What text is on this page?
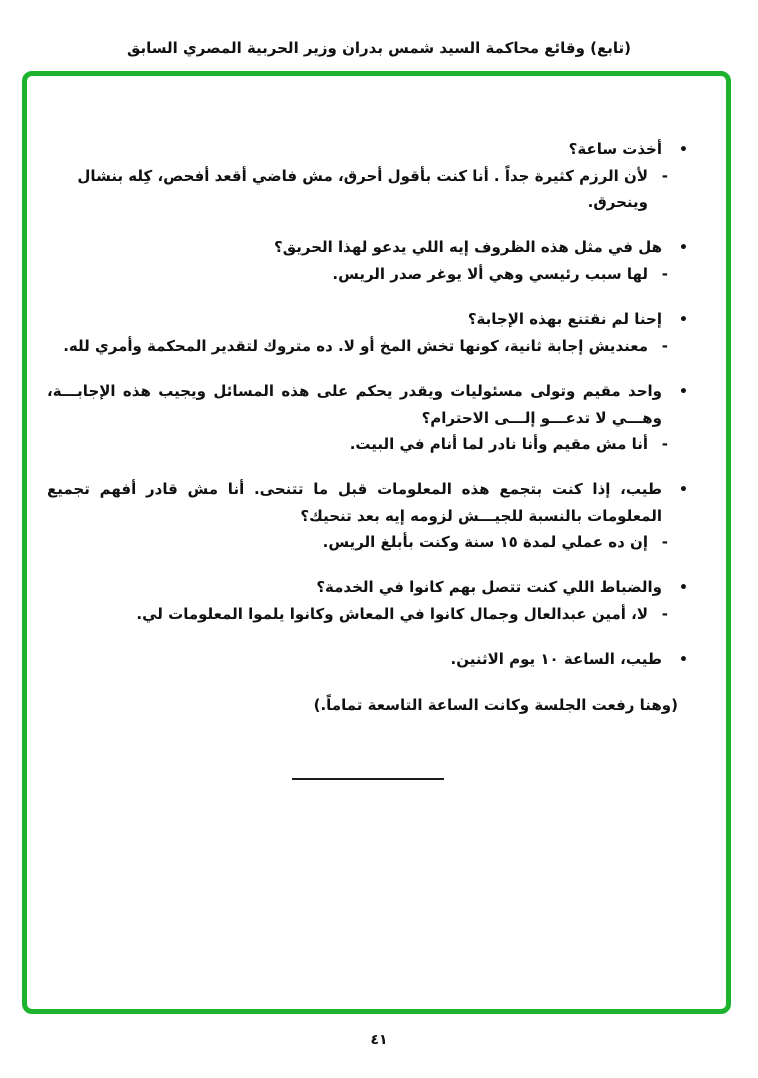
(تابع) وقائع محاكمة السيد شمس بدران وزير الحربية المصري السابق
•أخذت ساعة؟
-لأن الرزم كثيرة جداً . أنا كنت بأقول أحرق، مش فاضي أقعد أفحص، كِله بنشال وينحرق.
•هل في مثل هذه الظروف إيه اللي يدعو لهذا الحريق؟
-لها سبب رئيسي وهي ألا يوغر صدر الريس.
•إحنا لم نقتنع بهذه الإجابة؟
-معنديش إجابة ثانية، كونها تخش المخ أو لا. ده متروك لتقدير المحكمة وأمري لله.
•واحد مقيم وتولى مسئوليات ويقدر يحكم على هذه المسائل ويجيب هذه الإجابـــة، وهـــي لا تدعـــو إلـــى الاحترام؟
-أنا مش مقيم وأنا نادر لما أنام في البيت.
•طيب، إذا كنت بتجمع هذه المعلومات قبل ما تتنحى. أنا مش قادر أفهم تجميع المعلومات بالنسبة للجيـــش لزومه إيه بعد تنحيك؟
-إن ده عملي لمدة ١٥ سنة وكنت بأبلغ الريس.
•والضباط اللي كنت تتصل بهم كانوا في الخدمة؟
-لا، أمين عبدالعال وجمال كانوا في المعاش وكانوا يلموا المعلومات لي.
•طيب، الساعة ١٠ يوم الاثنين.
(وهنا رفعت الجلسة وكانت الساعة التاسعة تماماً.)
٤١
